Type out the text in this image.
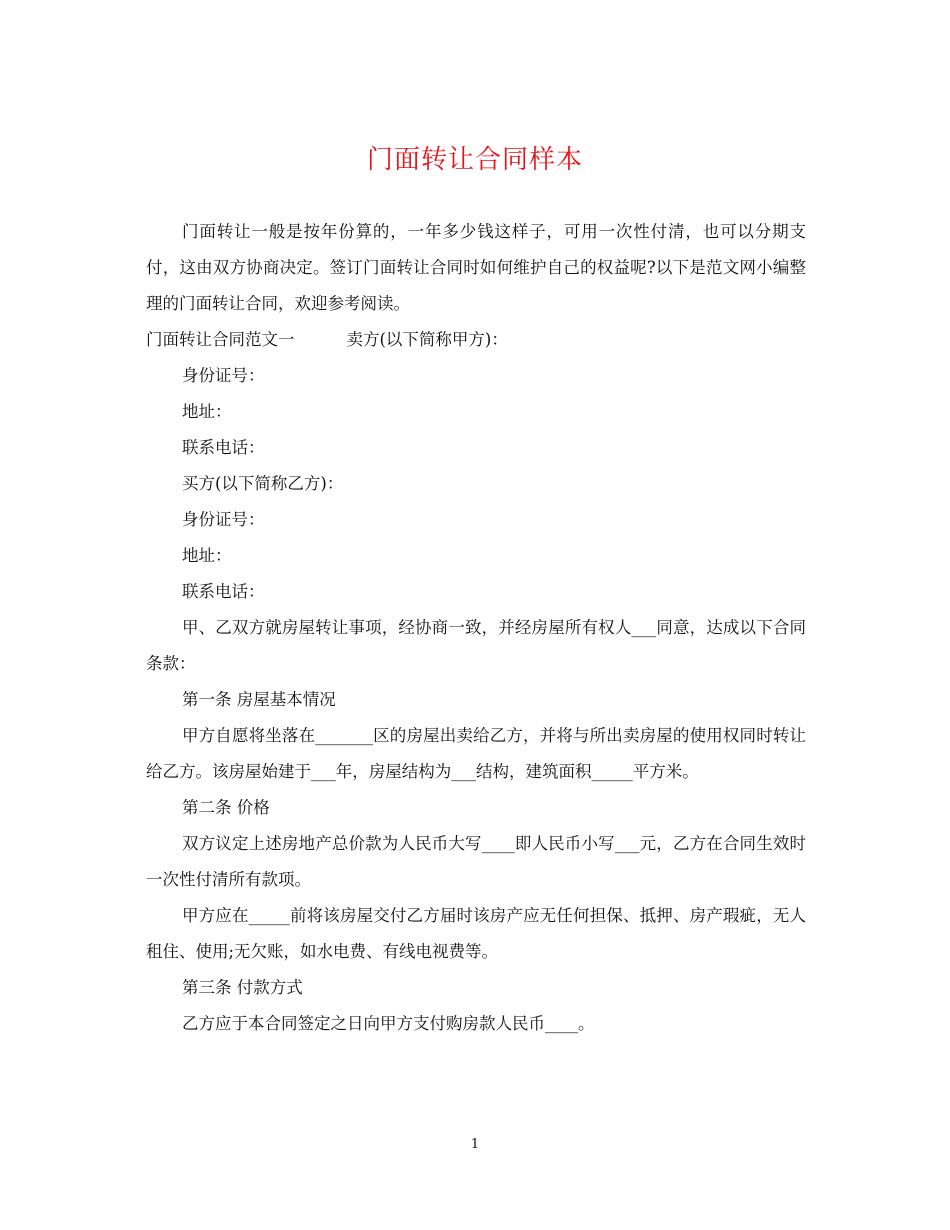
门面转让合同样本

门面转让一般是按年份算的，一年多少钱这样子，可用一次性付清，也可以分期支付，这由双方协商决定。签订门面转让合同时如何维护自己的权益呢?以下是范文网小编整理的门面转让合同，欢迎参考阅读。

门面转让合同范文一	卖方(以下简称甲方)：

身份证号：

地址：

联系电话：

买方(以下简称乙方)：

身份证号：

地址：

联系电话：

甲、乙双方就房屋转让事项，经协商一致，并经房屋所有权人___同意，达成以下合同条款：

第一条 房屋基本情况

甲方自愿将坐落在_______区的房屋出卖给乙方，并将与所出卖房屋的使用权同时转让给乙方。该房屋始建于___年，房屋结构为___结构，建筑面积_____平方米。

第二条 价格

双方议定上述房地产总价款为人民币大写____即人民币小写___元，乙方在合同生效时一次性付清所有款项。

甲方应在_____前将该房屋交付乙方届时该房产应无任何担保、抵押、房产瑕疵，无人租住、使用;无欠账，如水电费、有线电视费等。

第三条 付款方式

乙方应于本合同签定之日向甲方支付购房款人民币____。

1
